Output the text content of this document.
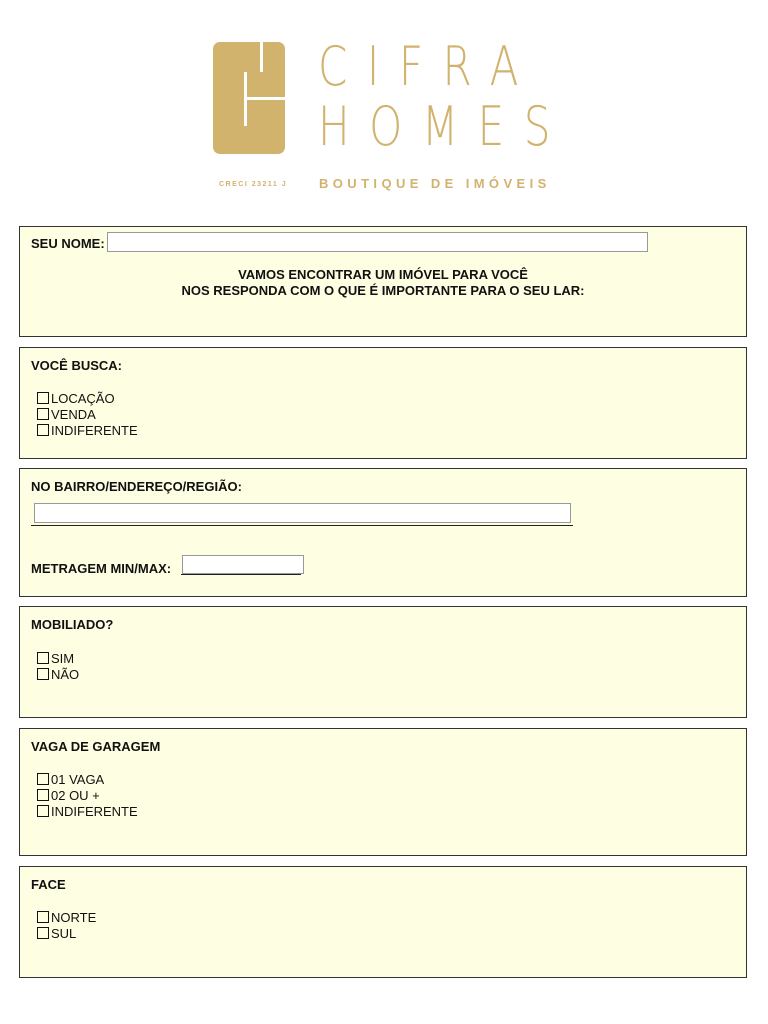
CIFRA
HOMES
CRECI 23211 J BOUTIQUE DE IMÓVEIS
SEU NOME:
VAMOS ENCONTRAR UM IMÓVEL PARA VOCÊ
NOS RESPONDA COM O QUE É IMPORTANTE PARA O SEU LAR:
VOCÊ BUSCA:
LOCAÇÃO
VENDA
INDIFERENTE
NO BAIRRO/ENDEREÇO/REGIÃO:
METRAGEM MIN/MAX:
MOBILIADO?
SIM
NÃO
VAGA DE GARAGEM
01 VAGA
02 OU +
INDIFERENTE
FACE
NORTE
SUL
